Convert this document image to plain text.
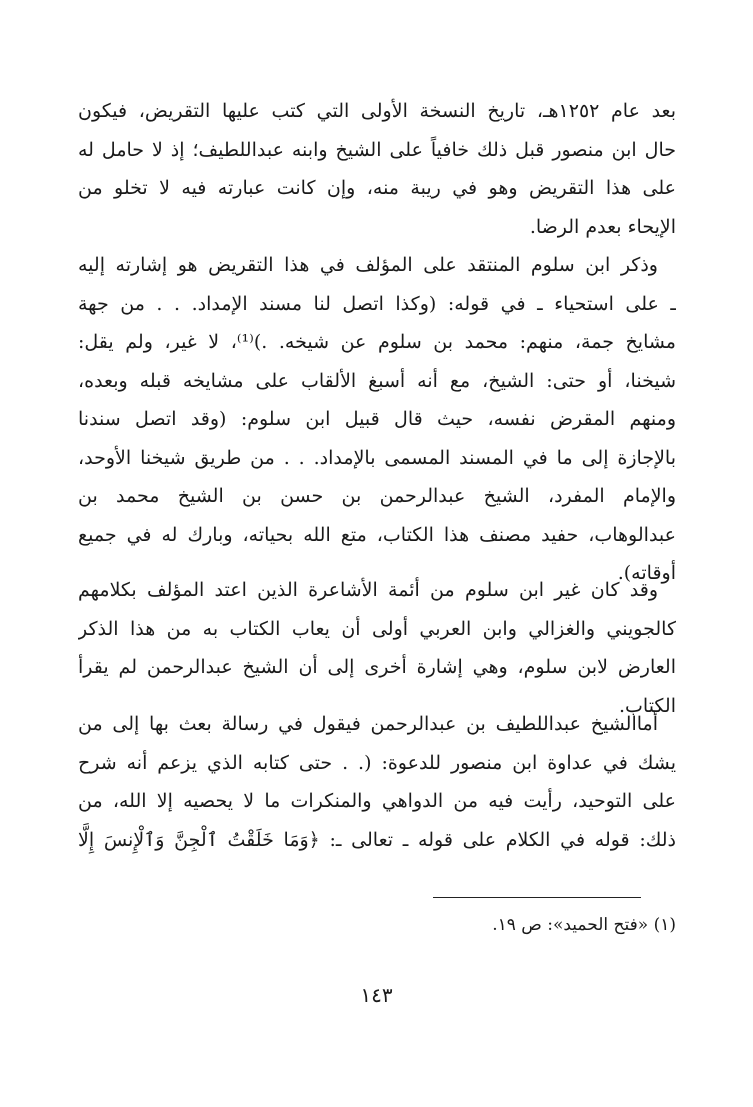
بعد عام ١٢٥٢هـ، تاريخ النسخة الأولى التي كتب عليها التقريض، فيكون
حال ابن منصور قبل ذلك خافياً على الشيخ وابنه عبداللطيف؛ إذ لا حامل له
على هذا التقريض وهو في ريبة منه، وإن كانت عبارته فيه لا تخلو من
الإيحاء بعدم الرضا.
وذكر ابن سلوم المنتقد على المؤلف في هذا التقريض هو إشارته إليه
ـ على استحياء ـ في قوله: (وكذا اتصل لنا مسند الإمداد. . . من جهة
مشايخ جمة، منهم: محمد بن سلوم عن شيخه. .)⁽¹⁾، لا غير، ولم يقل:
شيخنا، أو حتى: الشيخ، مع أنه أسبغ الألقاب على مشايخه قبله وبعده،
ومنهم المقرض نفسه، حيث قال قبيل ابن سلوم: (وقد اتصل سندنا
بالإجازة إلى ما في المسند المسمى بالإمداد. . . من طريق شيخنا الأوحد،
والإمام المفرد، الشيخ عبدالرحمن بن حسن بن الشيخ محمد بن
عبدالوهاب، حفيد مصنف هذا الكتاب، متع الله بحياته، وبارك له في جميع
أوقاته).
وقد كان غير ابن سلوم من أئمة الأشاعرة الذين اعتد المؤلف بكلامهم
كالجويني والغزالي وابن العربي أولى أن يعاب الكتاب به من هذا الذكر
العارض لابن سلوم، وهي إشارة أخرى إلى أن الشيخ عبدالرحمن لم يقرأ
الكتاب.
أماالشيخ عبداللطيف بن عبدالرحمن فيقول في رسالة بعث بها إلى من
يشك في عداوة ابن منصور للدعوة: (. . حتى كتابه الذي يزعم أنه شرح
على التوحيد، رأيت فيه من الدواهي والمنكرات ما لا يحصيه إلا الله، من
ذلك: قوله في الكلام على قوله ـ تعالى ـ: ﴿وَمَا خَلَقْتُ ٱلْجِنَّ وَٱلْإِنسَ إِلَّا
(١) «فتح الحميد»: ص ١٩.
١٤٣
